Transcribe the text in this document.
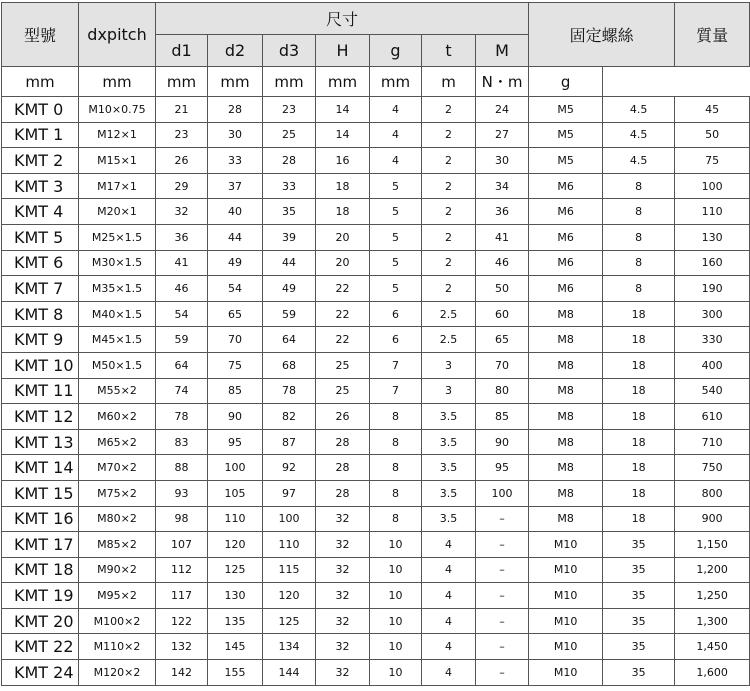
型號	dxpitch	尺寸							固定螺絲		質量
		d1	d2	d3	H	g	t	M			
mm	mm	mm	mm	mm	mm	mm	m	N・m	g		
KMT 0	M10×0.75	21	28	23	14	4	2	24	M5	4.5	45
KMT 1	M12×1	23	30	25	14	4	2	27	M5	4.5	50
KMT 2	M15×1	26	33	28	16	4	2	30	M5	4.5	75
KMT 3	M17×1	29	37	33	18	5	2	34	M6	8	100
KMT 4	M20×1	32	40	35	18	5	2	36	M6	8	110
KMT 5	M25×1.5	36	44	39	20	5	2	41	M6	8	130
KMT 6	M30×1.5	41	49	44	20	5	2	46	M6	8	160
KMT 7	M35×1.5	46	54	49	22	5	2	50	M6	8	190
KMT 8	M40×1.5	54	65	59	22	6	2.5	60	M8	18	300
KMT 9	M45×1.5	59	70	64	22	6	2.5	65	M8	18	330
KMT 10	M50×1.5	64	75	68	25	7	3	70	M8	18	400
KMT 11	M55×2	74	85	78	25	7	3	80	M8	18	540
KMT 12	M60×2	78	90	82	26	8	3.5	85	M8	18	610
KMT 13	M65×2	83	95	87	28	8	3.5	90	M8	18	710
KMT 14	M70×2	88	100	92	28	8	3.5	95	M8	18	750
KMT 15	M75×2	93	105	97	28	8	3.5	100	M8	18	800
KMT 16	M80×2	98	110	100	32	8	3.5	–	M8	18	900
KMT 17	M85×2	107	120	110	32	10	4	–	M10	35	1,150
KMT 18	M90×2	112	125	115	32	10	4	–	M10	35	1,200
KMT 19	M95×2	117	130	120	32	10	4	–	M10	35	1,250
KMT 20	M100×2	122	135	125	32	10	4	–	M10	35	1,300
KMT 22	M110×2	132	145	134	32	10	4	–	M10	35	1,450
KMT 24	M120×2	142	155	144	32	10	4	–	M10	35	1,600
